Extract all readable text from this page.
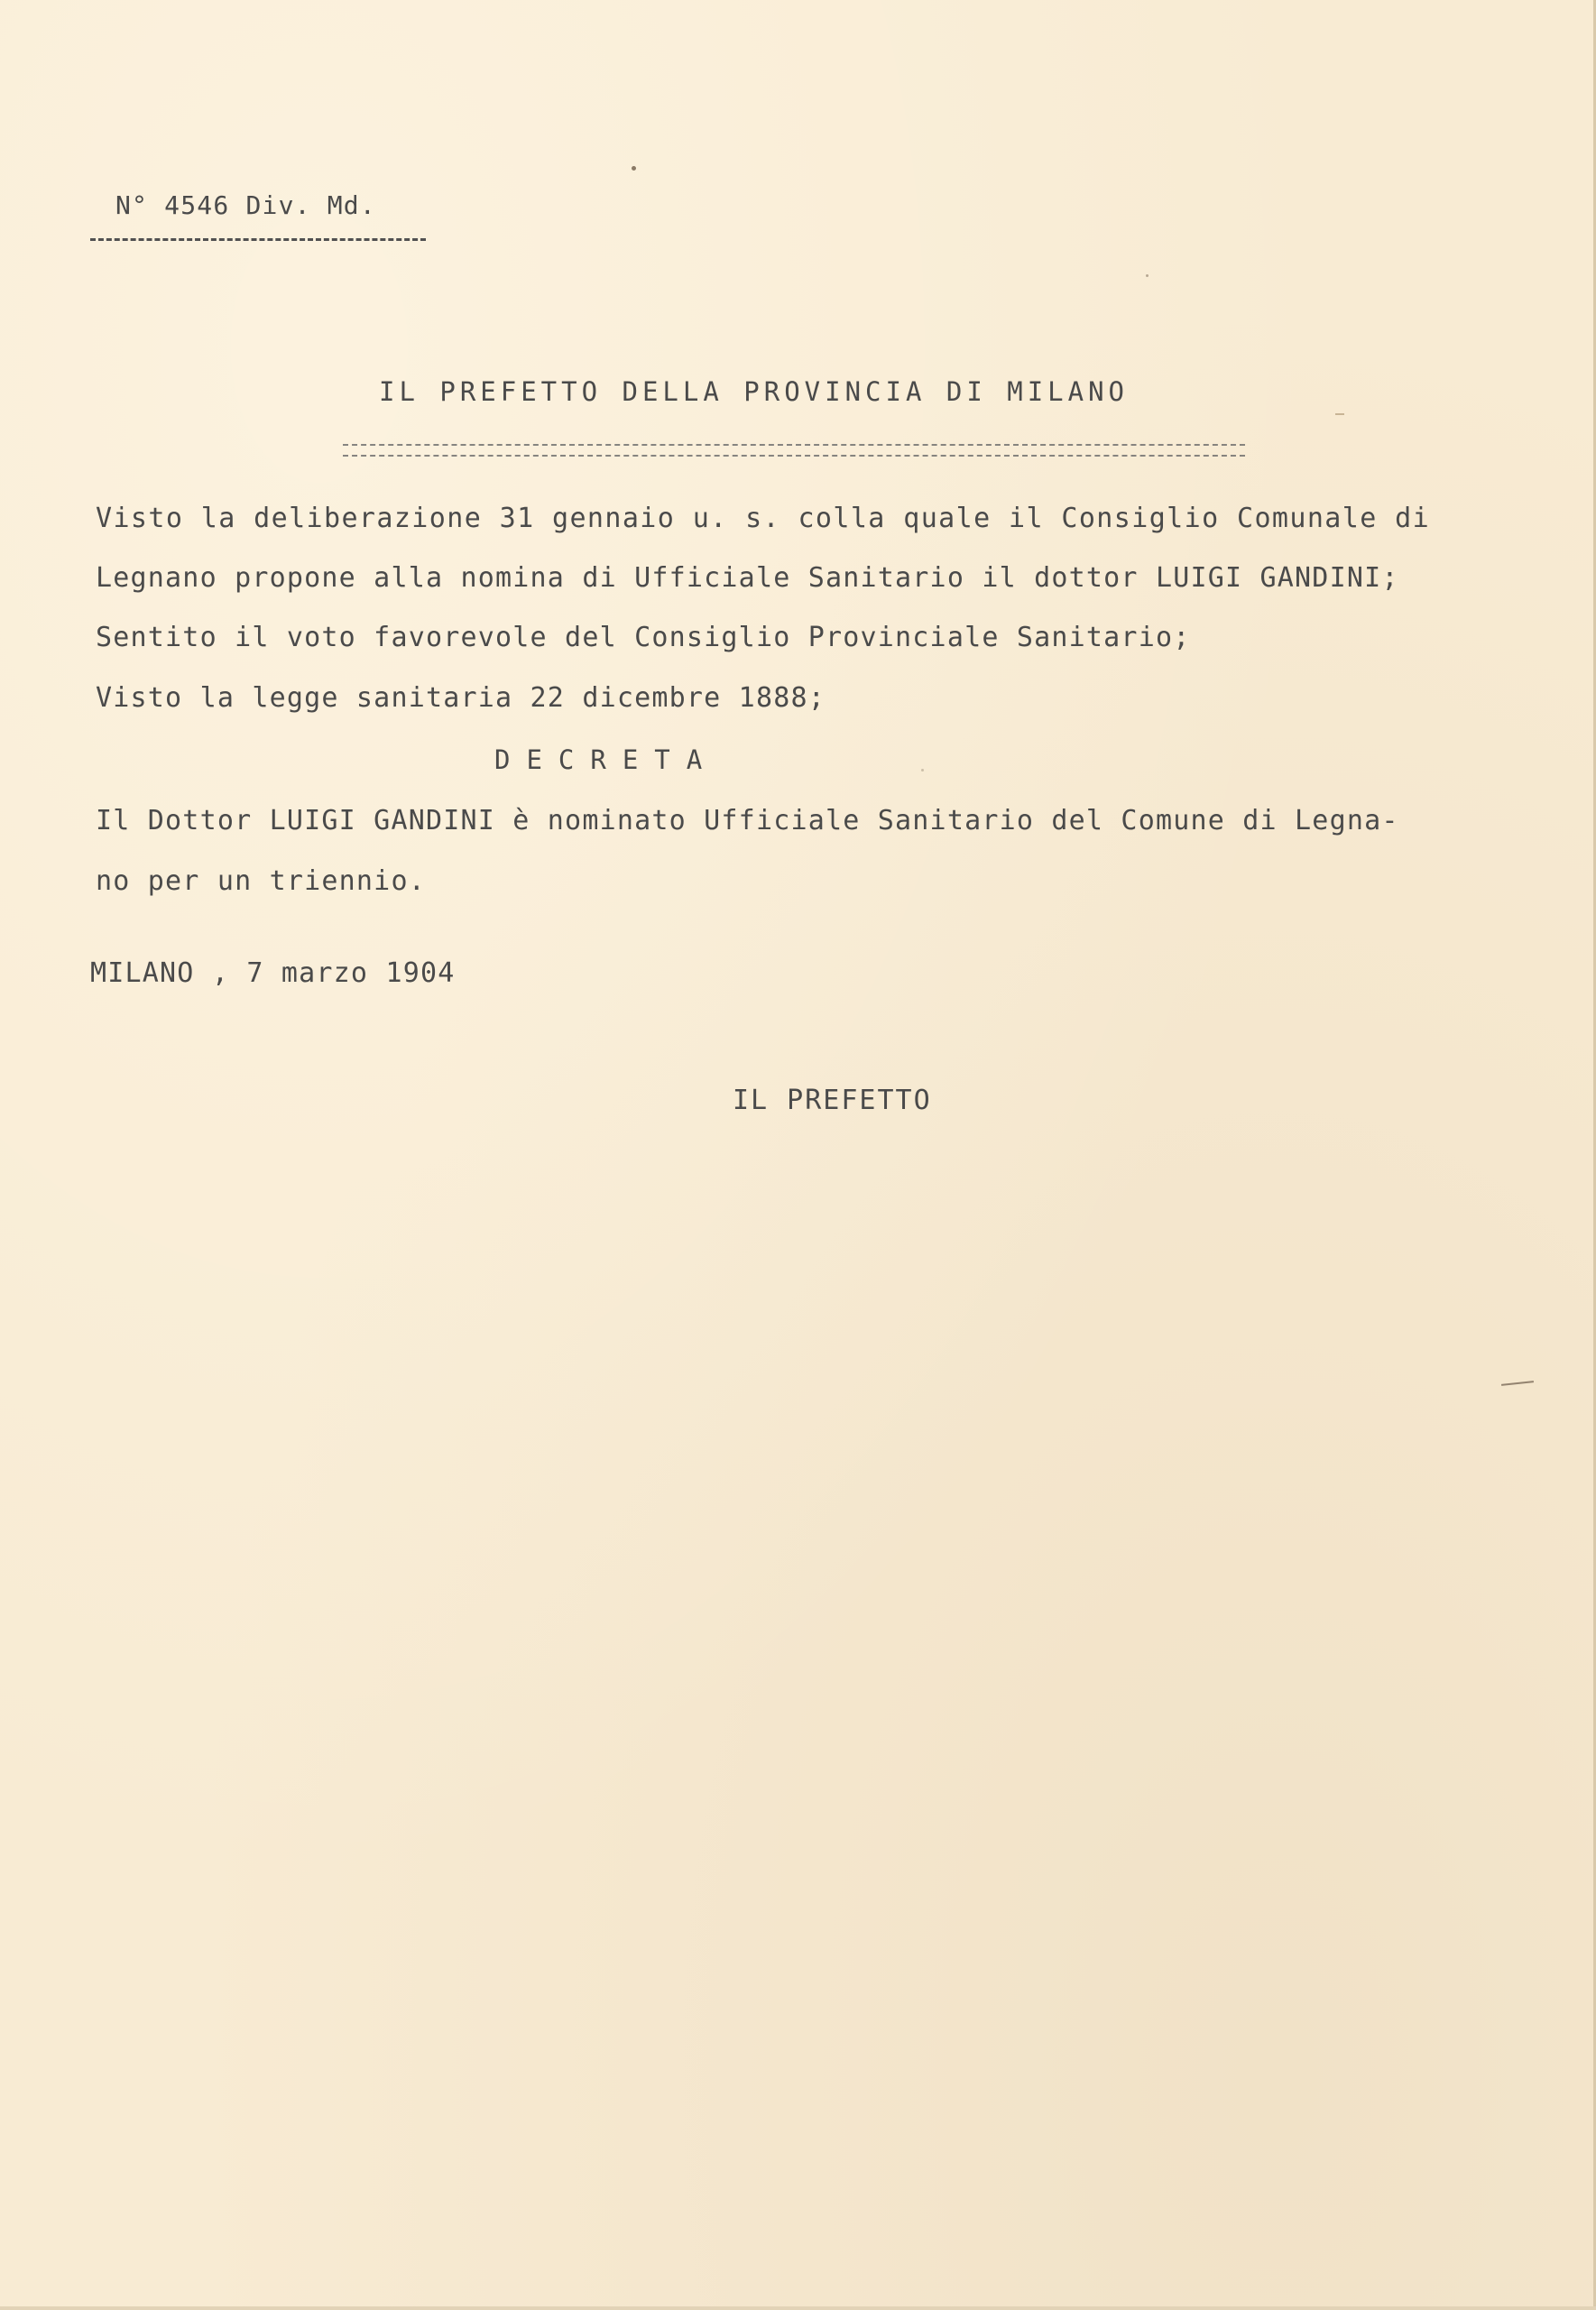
N° 4546 Div. Md.

IL PREFETTO DELLA PROVINCIA DI MILANO

Visto la deliberazione 31 gennaio u. s. colla quale il Consiglio Comunale di

Legnano propone alla nomina di Ufficiale Sanitario il dottor LUIGI GANDINI;

Sentito il voto favorevole del Consiglio Provinciale Sanitario;

Visto la legge sanitaria 22 dicembre 1888;

DECRETA

Il Dottor LUIGI GANDINI è nominato Ufficiale Sanitario del Comune di Legna-

no per un triennio.

MILANO , 7 marzo 1904

IL PREFETTO
